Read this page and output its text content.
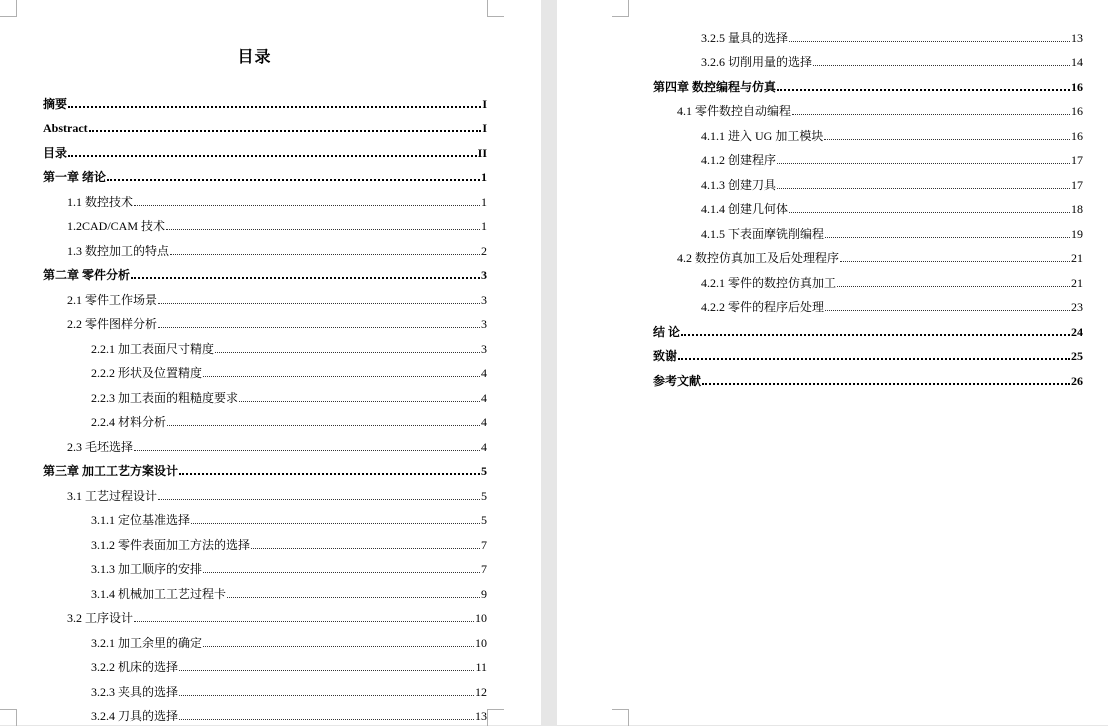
目录
摘要	I
Abstract	I
目录	II
第一章 绪论	1
1.1 数控技术	1
1.2CAD/CAM 技术	1
1.3 数控加工的特点	2
第二章 零件分析	3
2.1 零件工作场景	3
2.2 零件图样分析	3
2.2.1 加工表面尺寸精度	3
2.2.2 形状及位置精度	4
2.2.3 加工表面的粗糙度要求	4
2.2.4 材料分析	4
2.3 毛坯选择	4
第三章 加工工艺方案设计	5
3.1 工艺过程设计	5
3.1.1 定位基准选择	5
3.1.2 零件表面加工方法的选择	7
3.1.3 加工顺序的安排	7
3.1.4 机械加工工艺过程卡	9
3.2 工序设计	10
3.2.1 加工余里的确定	10
3.2.2 机床的选择	11
3.2.3 夹具的选择	12
3.2.4 刀具的选择	13
3.2.5 量具的选择	13
3.2.6 切削用量的选择	14
第四章 数控编程与仿真	16
4.1 零件数控自动编程	16
4.1.1 进入 UG 加工模块	16
4.1.2 创建程序	17
4.1.3 创建刀具	17
4.1.4 创建几何体	18
4.1.5 下表面摩铣削编程	19
4.2 数控仿真加工及后处理程序	21
4.2.1 零件的数控仿真加工	21
4.2.2 零件的程序后处理	23
结 论	24
致谢	25
参考文献	26
